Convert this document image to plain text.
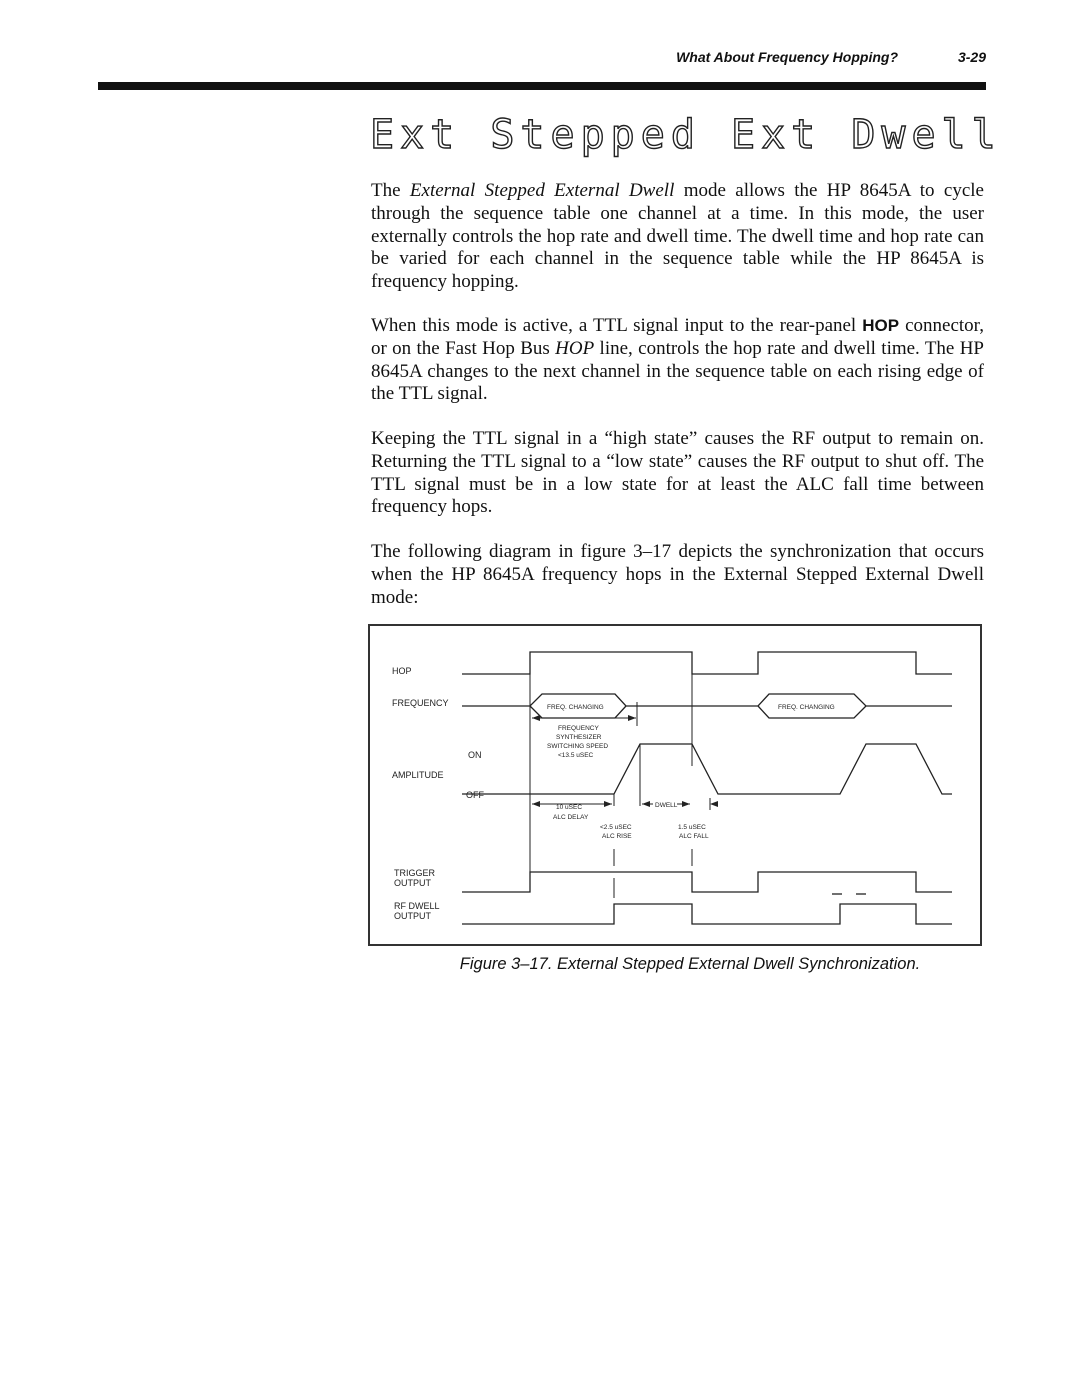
What About Frequency Hopping?	3-29
Ext Stepped Ext Dwell

The External Stepped External Dwell mode allows the HP 8645A to cycle through the sequence table one channel at a time. In this mode, the user externally controls the hop rate and dwell time. The dwell time and hop rate can be varied for each channel in the sequence table while the HP 8645A is frequency hopping.

When this mode is active, a TTL signal input to the rear-panel HOP connector, or on the Fast Hop Bus HOP line, controls the hop rate and dwell time. The HP 8645A changes to the next channel in the sequence table on each rising edge of the TTL signal.

Keeping the TTL signal in a “high state” causes the RF output to remain on. Returning the TTL signal to a “low state” causes the RF output to shut off. The TTL signal must be in a low state for at least the ALC fall time between frequency hops.

The following diagram in figure 3–17 depicts the synchronization that occurs when the HP 8645A frequency hops in the External Stepped External Dwell mode:

HOP
FREQUENCY
ON
AMPLITUDE
OFF
TRIGGER
OUTPUT
RF DWELL
OUTPUT
FREQ. CHANGING	FREQ. CHANGING
FREQUENCY
SYNTHESIZER
SWITCHING SPEED
<13.5 uSEC
10 uSEC
ALC DELAY
DWELL
<2.5 uSEC
ALC RISE
1.5 uSEC
ALC FALL
Figure 3–17. External Stepped External Dwell Synchronization.
